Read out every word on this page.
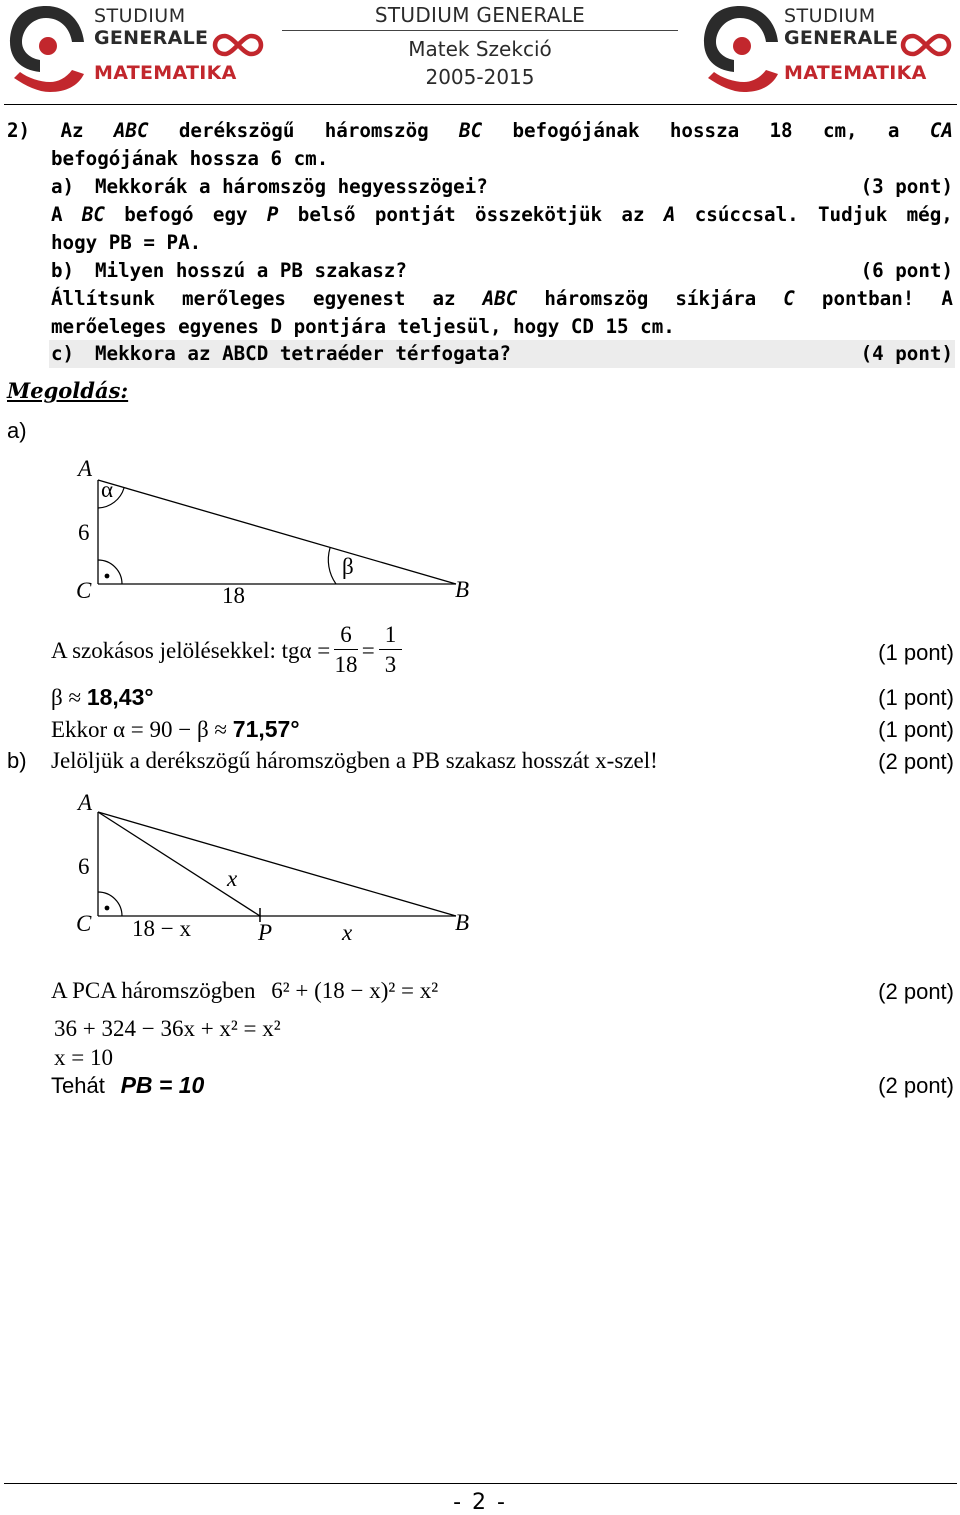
STUDIUM
GENERALE
MATEMATIKA
STUDIUM GENERALE
Matek Szekció
2005-2015
STUDIUM
GENERALE
MATEMATIKA
2) Az ABC derékszögű háromszög BC befogójának hossza 18 cm, a CA
befogójának hossza 6 cm.
a) Mekkorák a háromszög hegyesszögei?	(3 pont)
A BC befogó egy P belső pontját összekötjük az A csúccsal. Tudjuk még,
hogy PB = PA.
b) Milyen hosszú a PB szakasz?	(6 pont)
Állítsunk merőleges egyenest az ABC háromszög síkjára C pontban! A
merőeleges egyenes D pontjára teljesül, hogy CD 15 cm.
c) Mekkora az ABCD tetraéder térfogata?	(4 pont)
Megoldás:
a)
A
α
6
C	18
β
B
A szokásos jelölésekkel: $tg\alpha = \frac{6}{18} = \frac{1}{3}$	(1 pont)
β ≈ 18,43°	(1 pont)
Ekkor α = 90 − β ≈ 71,57°	(1 pont)
b) Jelöljük a derékszögű háromszögben a PB szakasz hosszát x-szel!	(2 pont)
A
6	x
C 18 − x	P	x	B
A PCA háromszögben 6² + (18 − x)² = x²	(2 pont)
36 + 324 − 36x + x² = x²
x = 10
Tehát PB = 10	(2 pont)
- 2 -
